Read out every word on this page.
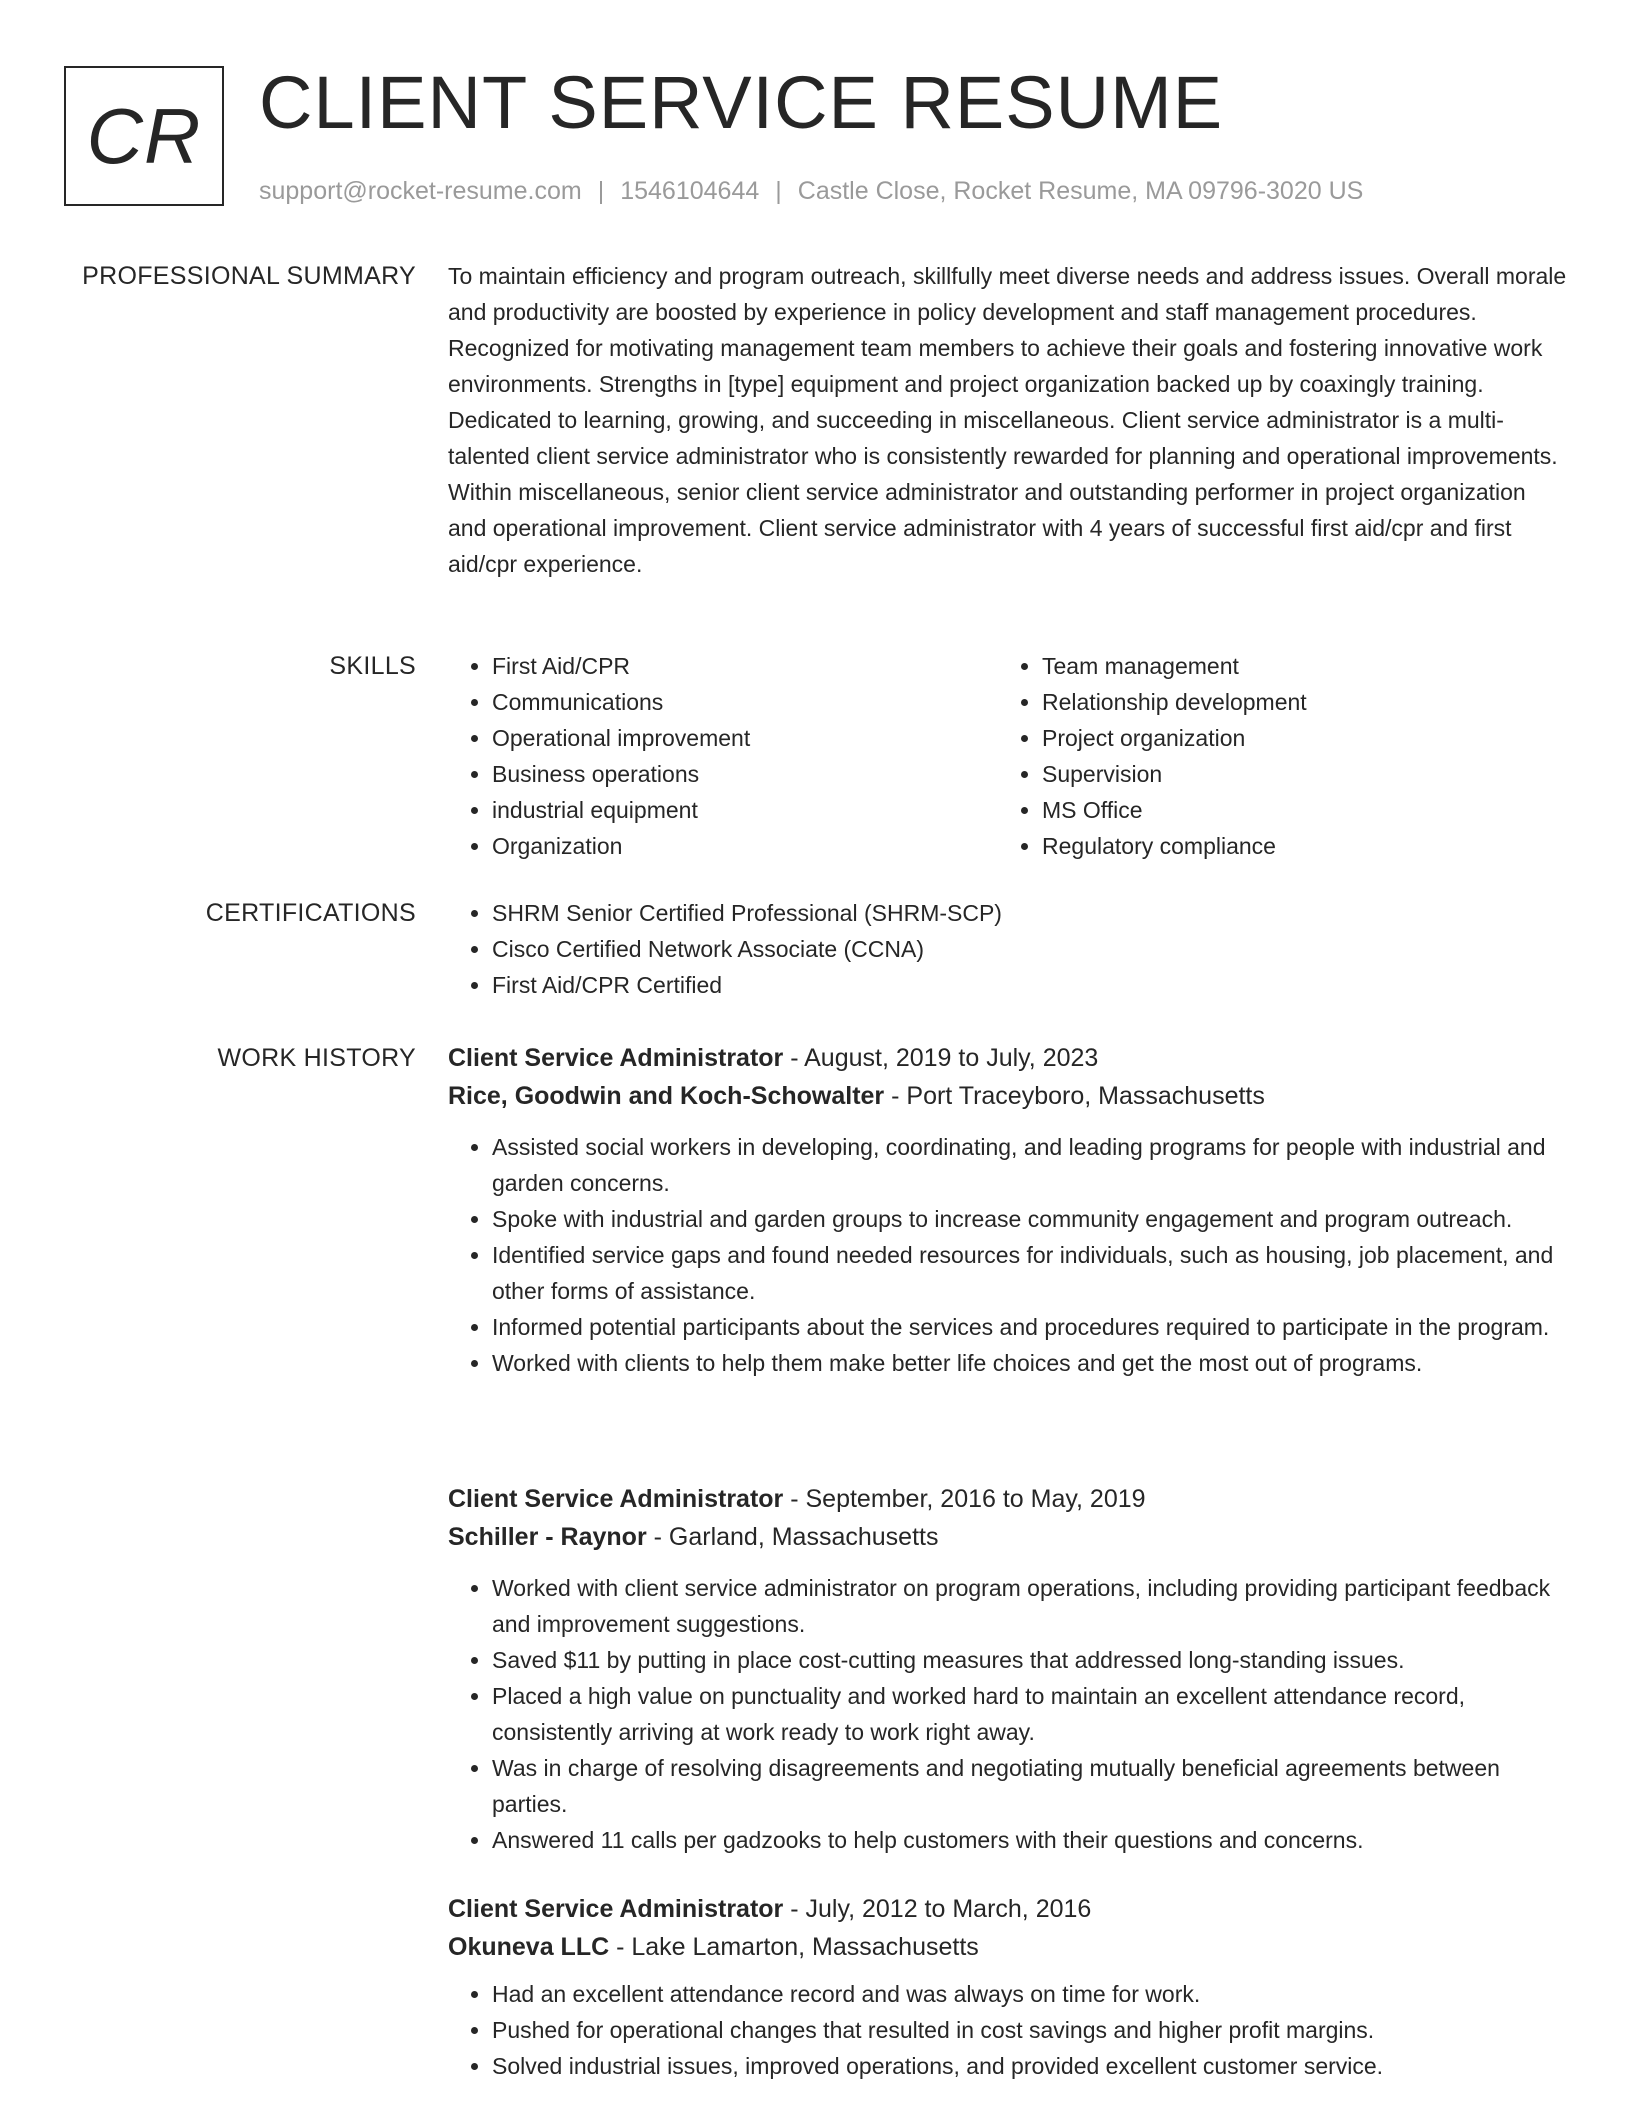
CR CLIENT SERVICE RESUME
support@rocket-resume.com | 1546104644 | Castle Close, Rocket Resume, MA 09796-3020 US
PROFESSIONAL SUMMARY To maintain efficiency and program outreach, skillfully meet diverse needs and address issues. Overall morale and productivity are boosted by experience in policy development and staff management procedures. Recognized for motivating management team members to achieve their goals and fostering innovative work environments. Strengths in [type] equipment and project organization backed up by coaxingly training. Dedicated to learning, growing, and succeeding in miscellaneous. Client service administrator is a multi-talented client service administrator who is consistently rewarded for planning and operational improvements. Within miscellaneous, senior client service administrator and outstanding performer in project organization and operational improvement. Client service administrator with 4 years of successful first aid/cpr and first aid/cpr experience.

SKILLS	• First Aid/CPR
• Communications
• Operational improvement
• Business operations
• industrial equipment
• Organization
• Team management
• Relationship development
• Project organization
• Supervision
• MS Office
• Regulatory compliance
CERTIFICATIONS	• SHRM Senior Certified Professional (SHRM-SCP)
• Cisco Certified Network Associate (CCNA)
• First Aid/CPR Certified
WORK HISTORY Client Service Administrator - August, 2019 to July, 2023
Rice, Goodwin and Koch-Schowalter - Port Traceyboro, Massachusetts
• Assisted social workers in developing, coordinating, and leading programs for people with industrial and garden concerns.
• Spoke with industrial and garden groups to increase community engagement and program outreach.
• Identified service gaps and found needed resources for individuals, such as housing, job placement, and other forms of assistance.
• Informed potential participants about the services and procedures required to participate in the program.
• Worked with clients to help them make better life choices and get the most out of programs.
Client Service Administrator - September, 2016 to May, 2019
Schiller - Raynor - Garland, Massachusetts
• Worked with client service administrator on program operations, including providing participant feedback and improvement suggestions.
• Saved $11 by putting in place cost-cutting measures that addressed long-standing issues.
• Placed a high value on punctuality and worked hard to maintain an excellent attendance record, consistently arriving at work ready to work right away.
• Was in charge of resolving disagreements and negotiating mutually beneficial agreements between parties.
• Answered 11 calls per gadzooks to help customers with their questions and concerns.
Client Service Administrator - July, 2012 to March, 2016
Okuneva LLC - Lake Lamarton, Massachusetts
• Had an excellent attendance record and was always on time for work.
• Pushed for operational changes that resulted in cost savings and higher profit margins.
• Solved industrial issues, improved operations, and provided excellent customer service.
